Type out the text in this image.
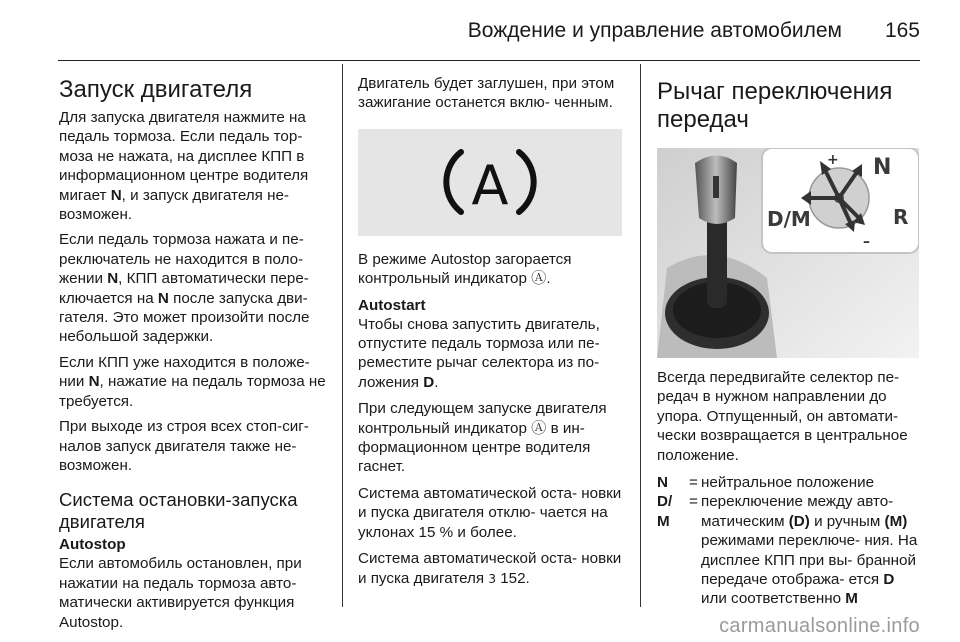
Вождение и управление автомобилем 165
Запуск двигателя

Для запуска двигателя нажмите на педаль тормоза. Если педаль тор- моза не нажата, на дисплее КПП в информационном центре водителя мигает N, и запуск двигателя не- возможен.

Если педаль тормоза нажата и пе- реключатель не находится в поло- жении N, КПП автоматически пере- ключается на N после запуска дви- гателя. Это может произойти после небольшой задержки.

Если КПП уже находится в положе- нии N, нажатие на педаль тормоза не требуется.

При выходе из строя всех стоп-сиг- налов запуск двигателя также не- возможен.

Система остановки-запуска двигателя
Autostop

Если автомобиль остановлен, при нажатии на педаль тормоза авто- матически активируется функция Autostop.

Двигатель будет заглушен, при этом зажигание останется вклю- ченным.

A

В режиме Autostop загорается контрольный индикатор Ⓐ.

Autostart

Чтобы снова запустить двигатель, отпустите педаль тормоза или пе- реместите рычаг селектора из по- ложения D.

При следующем запуске двигателя контрольный индикатор Ⓐ в ин- формационном центре водителя гаснет.

Система автоматической оста- новки и пуска двигателя отклю- чается на уклонах 15 % и более.

Система автоматической оста- новки и пуска двигателя 3 152.

Рычаг переключения передач
+ N
D/M	R
–

Всегда передвигайте селектор пе- редач в нужном направлении до упора. Отпущенный, он автомати- чески возвращается в центральное положение.

N	= нейтральное положение
D/ M
= переключение между авто- матическим (D) и ручным (M) режимами переключе- ния. На дисплее КПП при вы- бранной передаче отобража- ется D или соответственно M
carmanualsonline.info
